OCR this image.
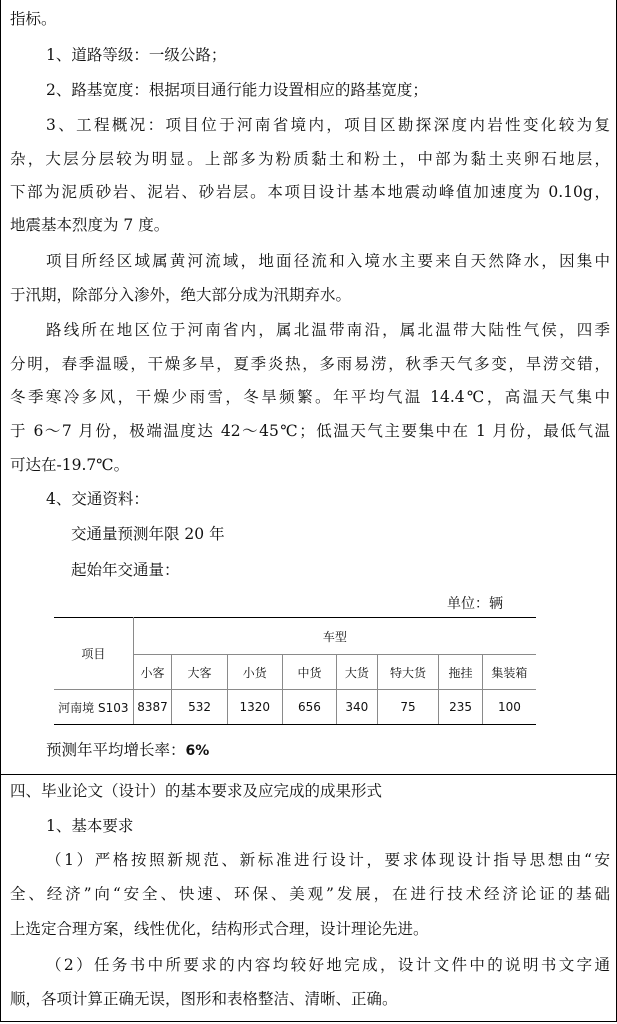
指标。
1、道路等级：一级公路；
2、路基宽度：根据项目通行能力设置相应的路基宽度；
3、工程概况：项目位于河南省境内，项目区勘探深度内岩性变化较为复
杂，大层分层较为明显。上部多为粉质黏土和粉土，中部为黏土夹卵石地层，
下部为泥质砂岩、泥岩、砂岩层。本项目设计基本地震动峰值加速度为 0.10g，
地震基本烈度为 7 度。
项目所经区域属黄河流域，地面径流和入境水主要来自天然降水，因集中
于汛期，除部分入渗外，绝大部分成为汛期弃水。
路线所在地区位于河南省内，属北温带南沿，属北温带大陆性气侯，四季
分明，春季温暖，干燥多旱，夏季炎热，多雨易涝，秋季天气多变，旱涝交错，
冬季寒冷多风，干燥少雨雪，冬旱频繁。年平均气温 14.4℃，高温天气集中
于 6～7 月份，极端温度达 42～45℃；低温天气主要集中在 1 月份，最低气温
可达在-19.7℃。
4、交通资料：
交通量预测年限 20 年
起始年交通量：
单位：辆
项目	车型							
	小客	大客	小货	中货	大货	特大货	拖挂	集装箱
河南境 S103	8387	532	1320	656	340	75	235	100
预测年平均增长率：6%
四、毕业论文（设计）的基本要求及应完成的成果形式
1、基本要求
（1）严格按照新规范、新标准进行设计，要求体现设计指导思想由“安
全、经济”向“安全、快速、环保、美观”发展，在进行技术经济论证的基础
上选定合理方案，线性优化，结构形式合理，设计理论先进。
（2）任务书中所要求的内容均较好地完成，设计文件中的说明书文字通
顺，各项计算正确无误，图形和表格整洁、清晰、正确。
